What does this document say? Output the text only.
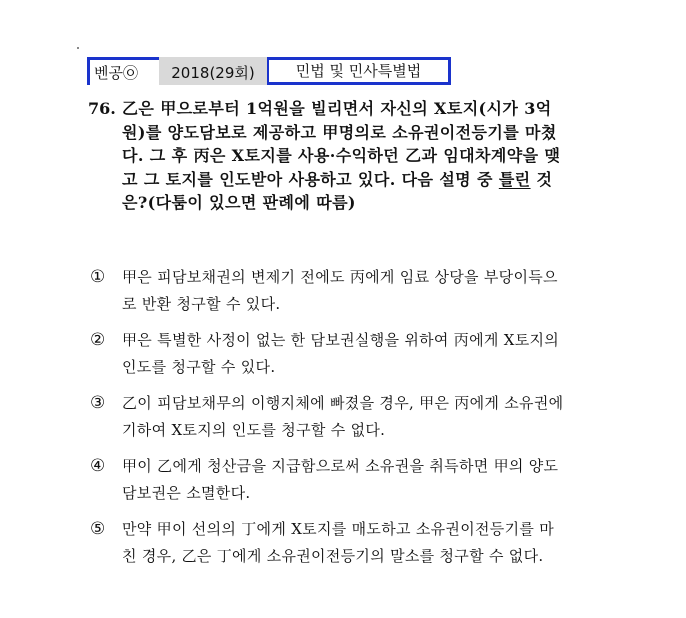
벤공㉧	2018(29회)	민법 및 민사특별법
76. 乙은 甲으로부터 1억원을 빌리면서 자신의 X토지(시가 3억원)를 양도담보로 제공하고 甲명의로 소유권이전등기를 마쳤다. 그 후 丙은 X토지를 사용·수익하던 乙과 임대차계약을 맺고 그 토지를 인도받아 사용하고 있다. 다음 설명 중 틀린 것은?(다툼이 있으면 판례에 따름)
① 甲은 피담보채권의 변제기 전에도 丙에게 임료 상당을 부당이득으로 반환 청구할 수 있다.
② 甲은 특별한 사정이 없는 한 담보권실행을 위하여 丙에게 X토지의 인도를 청구할 수 있다.
③ 乙이 피담보채무의 이행지체에 빠졌을 경우, 甲은 丙에게 소유권에 기하여 X토지의 인도를 청구할 수 없다.
④ 甲이 乙에게 청산금을 지급함으로써 소유권을 취득하면 甲의 양도담보권은 소멸한다.
⑤ 만약 甲이 선의의 丁에게 X토지를 매도하고 소유권이전등기를 마친 경우, 乙은 丁에게 소유권이전등기의 말소를 청구할 수 없다.
